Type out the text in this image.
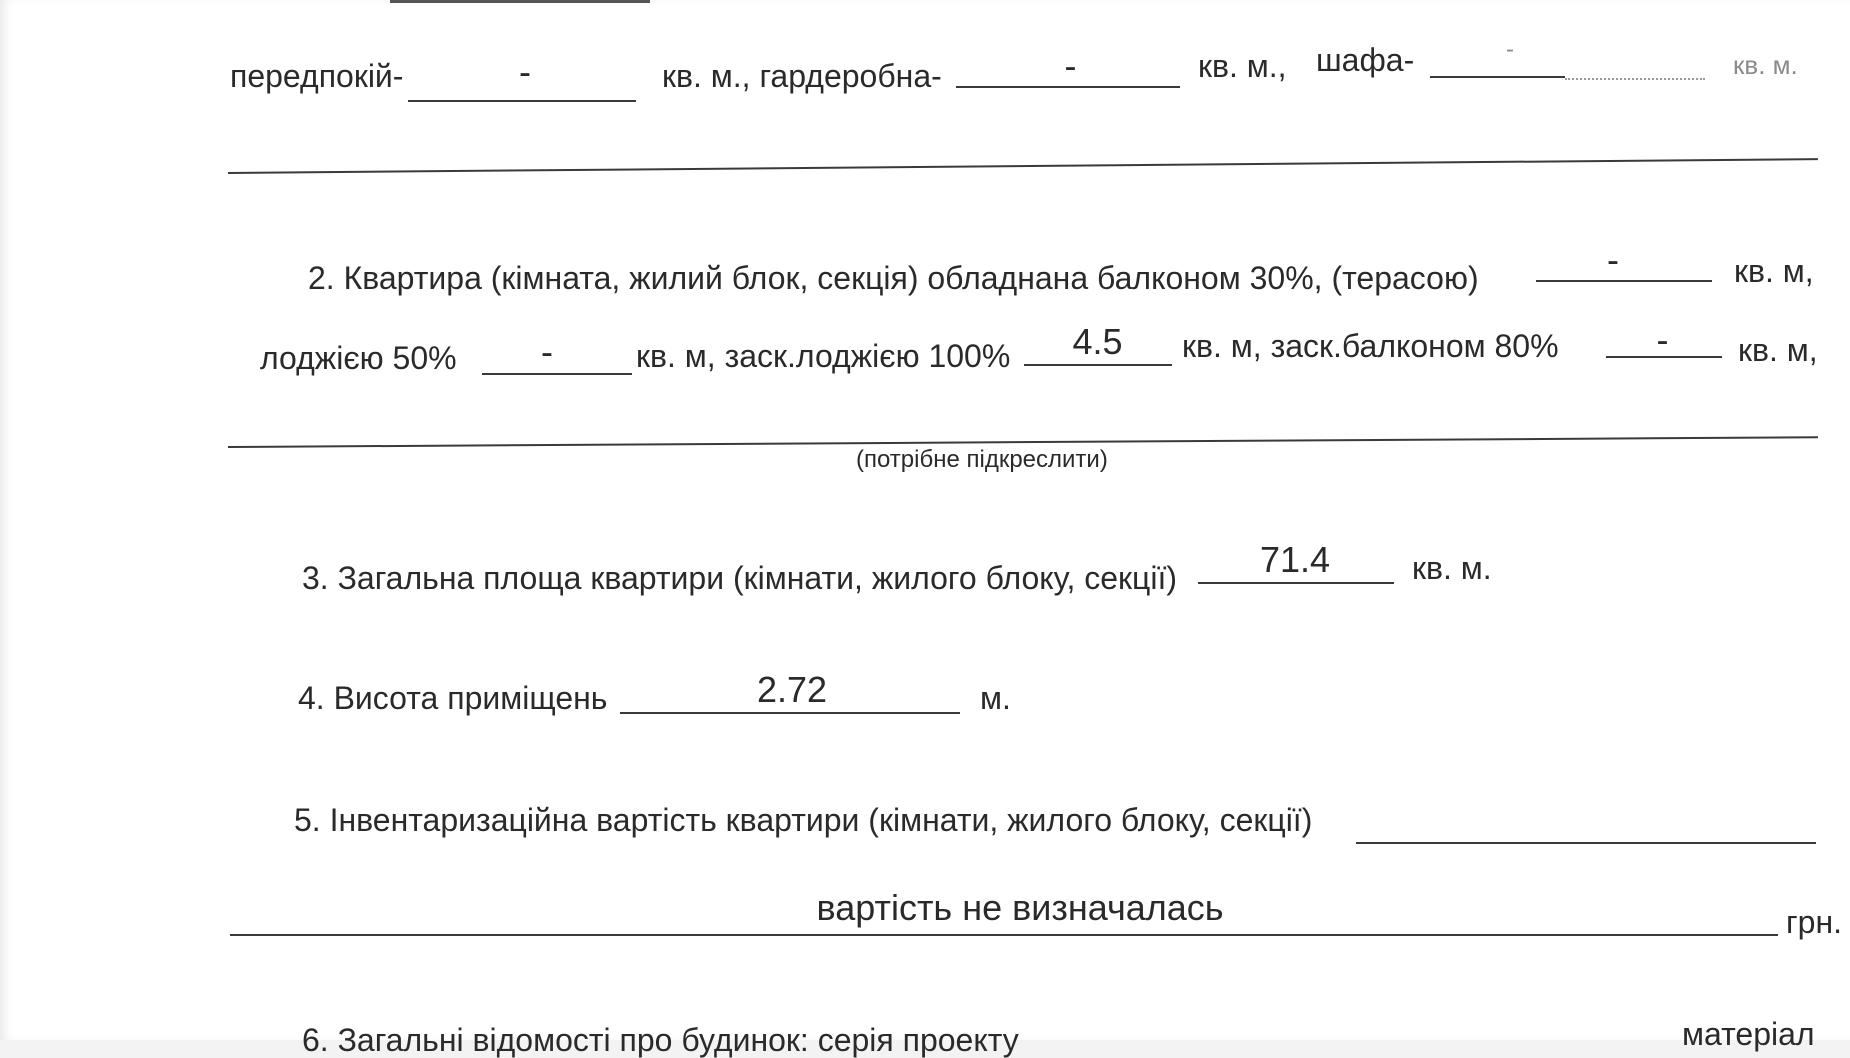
передпокій-	-	кв. м., гардеробна-	-	кв. м., шафа-	-
кв. м.
2. Квартира (кімната, жилий блок, секція) обладнана балконом 30%, (терасою)	-	кв. м,
лоджією 50%	-	кв. м, заск.лоджією 100%	4.5	кв. м, заск.балконом 80%	-	кв. м,
(потрібне підкреслити)
3. Загальна площа квартири (кімнати, жилого блоку, секції)	71.4	кв. м.
4. Висота приміщень	2.72	м.
5. Інвентаризаційна вартість квартири (кімнати, жилого блоку, секції)
вартість не визначалась	грн.
6. Загальні відомості про будинок: серія проекту	матеріал
